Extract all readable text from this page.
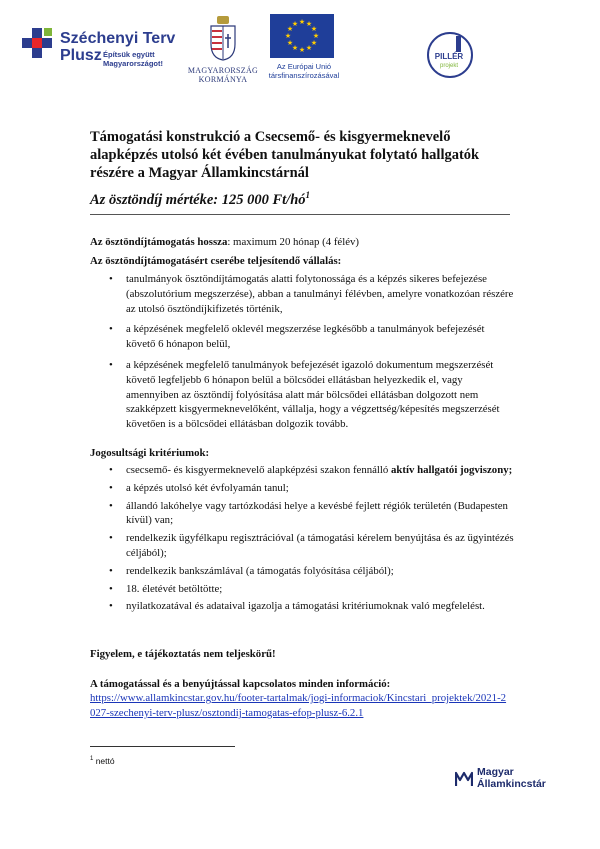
Széchenyi Terv
Plusz Építsük együtt
Magyarországot!
MAGYARORSZÁG
KORMÁNYA
★ ★
★
★
★
★
★
★
★
★
★
★
Az Európai Unió
társfinanszírozásával
PILLÉR
projekt
Támogatási konstrukció a Csecsemő- és kisgyermeknevelő alapképzés utolsó két évében tanulmányukat folytató hallgatók részére a Magyar Államkincstárnál
Az ösztöndíj mértéke: 125 000 $Ft/hó^1$
Az ösztöndíjtámogatás hossza: maximum 20 hónap (4 félév)
Az ösztöndíjtámogatásért cserébe teljesítendő vállalás:
• tanulmányok ösztöndíjtámogatás alatti folytonossága és a képzés sikeres befejezése (abszolutórium megszerzése), abban a tanulmányi félévben, amelyre vonatkozóan részére az utolsó ösztöndíjkifizetés történik,
• a képzésének megfelelő oklevél megszerzése legkésőbb a tanulmányok befejezését követő 6 hónapon belül,
• a képzésének megfelelő tanulmányok befejezését igazoló dokumentum megszerzését követő legfeljebb 6 hónapon belül a bölcsődei ellátásban helyezkedik el, vagy amennyiben az ösztöndíj folyósítása alatt már bölcsődei ellátásban dolgozott nem szakképzett kisgyermeknevelőként, vállalja, hogy a végzettség/képesítés megszerzését követően is a bölcsődei ellátásban dolgozik tovább.
Jogosultsági kritériumok:
• csecsemő- és kisgyermeknevelő alapképzési szakon fennálló aktív hallgatói jogviszony;
• a képzés utolsó két évfolyamán tanul;
• állandó lakóhelye vagy tartózkodási helye a kevésbé fejlett régiók területén (Budapesten kívül) van;
• rendelkezik ügyfélkapu regisztrációval (a támogatási kérelem benyújtása és az ügyintézés céljából);
• rendelkezik bankszámlával (a támogatás folyósítása céljából);
• 18. életévét betöltötte;
• nyilatkozatával és adataival igazolja a támogatási kritériumoknak való megfelelést.
Figyelem, e tájékoztatás nem teljeskörű!
A támogatással és a benyújtással kapcsolatos minden információ:
https://www.allamkincstar.gov.hu/footer-tartalmak/jogi-informaciok/Kincstari_projektek/2021-2027-szechenyi-terv-plusz/osztondij-tamogatas-efop-plusz-6.2.1
$^1$ nettó
Magyar
Államkincstár
